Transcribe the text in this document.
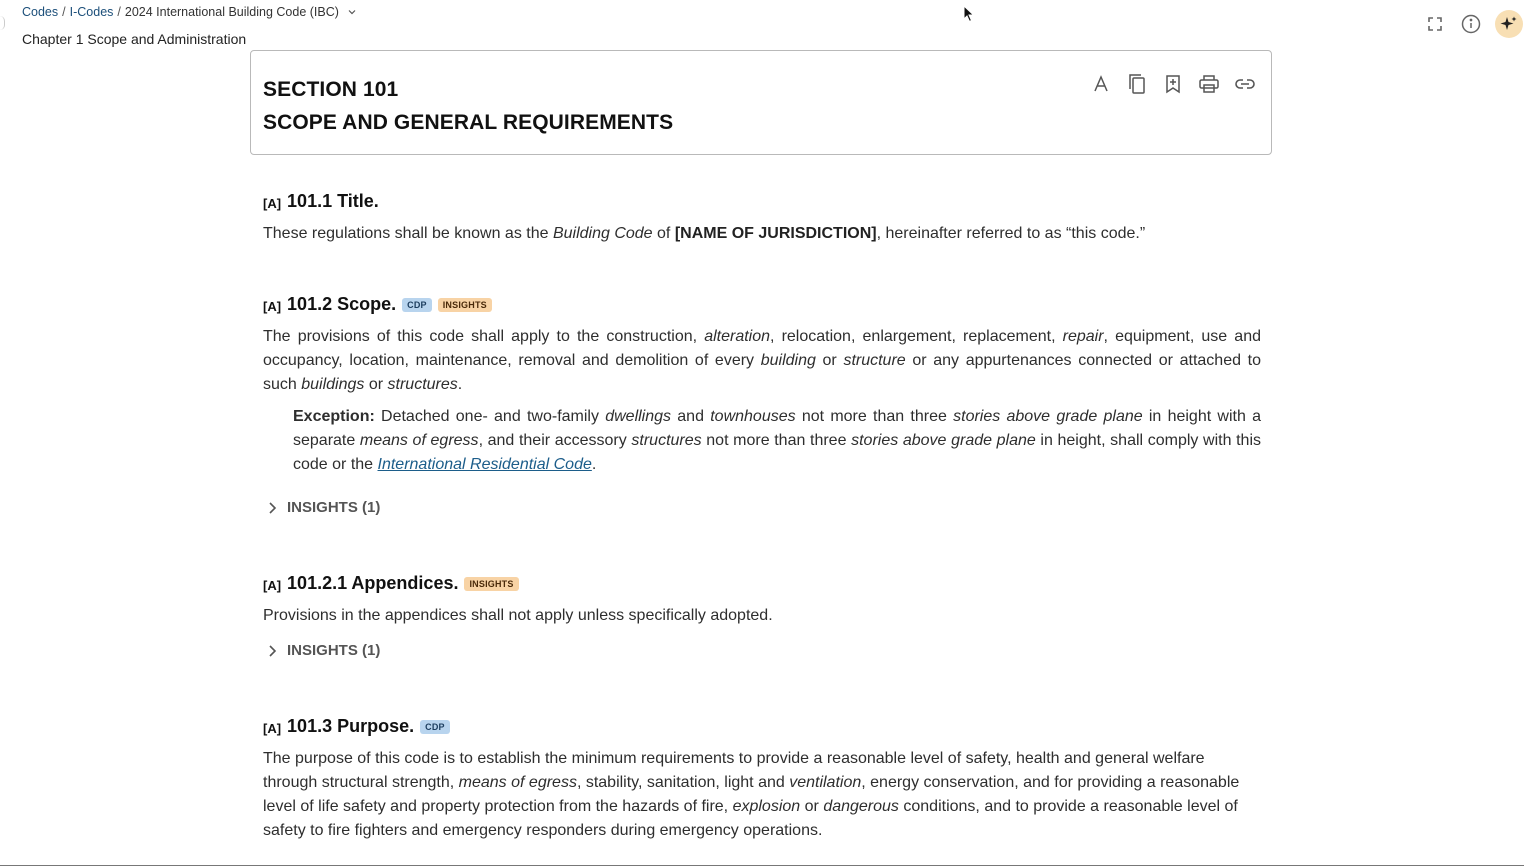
Codes / I-Codes / 2024 International Building Code (IBC)
Chapter 1 Scope and Administration
SECTION 101
SCOPE AND GENERAL REQUIREMENTS
[A] 101.1 Title.
These regulations shall be known as the Building Code of [NAME OF JURISDICTION], hereinafter referred to as “this code.”
[A] 101.2 Scope.	CDP	INSIGHTS
The provisions of this code shall apply to the construction, alteration, relocation, enlargement, replacement, repair, equipment, use and occupancy, location, maintenance, removal and demolition of every building or structure or any appurtenances connected or attached to such buildings or structures.
Exception: Detached one- and two-family dwellings and townhouses not more than three stories above grade plane in height with a separate means of egress, and their accessory structures not more than three stories above grade plane in height, shall comply with this code or the International Residential Code.
INSIGHTS (1)
[A] 101.2.1 Appendices.	INSIGHTS
Provisions in the appendices shall not apply unless specifically adopted.
INSIGHTS (1)
[A] 101.3 Purpose.	CDP
The purpose of this code is to establish the minimum requirements to provide a reasonable level of safety, health and general welfare through structural strength, means of egress, stability, sanitation, light and ventilation, energy conservation, and for providing a reasonable level of life safety and property protection from the hazards of fire, explosion or dangerous conditions, and to provide a reasonable level of safety to fire fighters and emergency responders during emergency operations.
